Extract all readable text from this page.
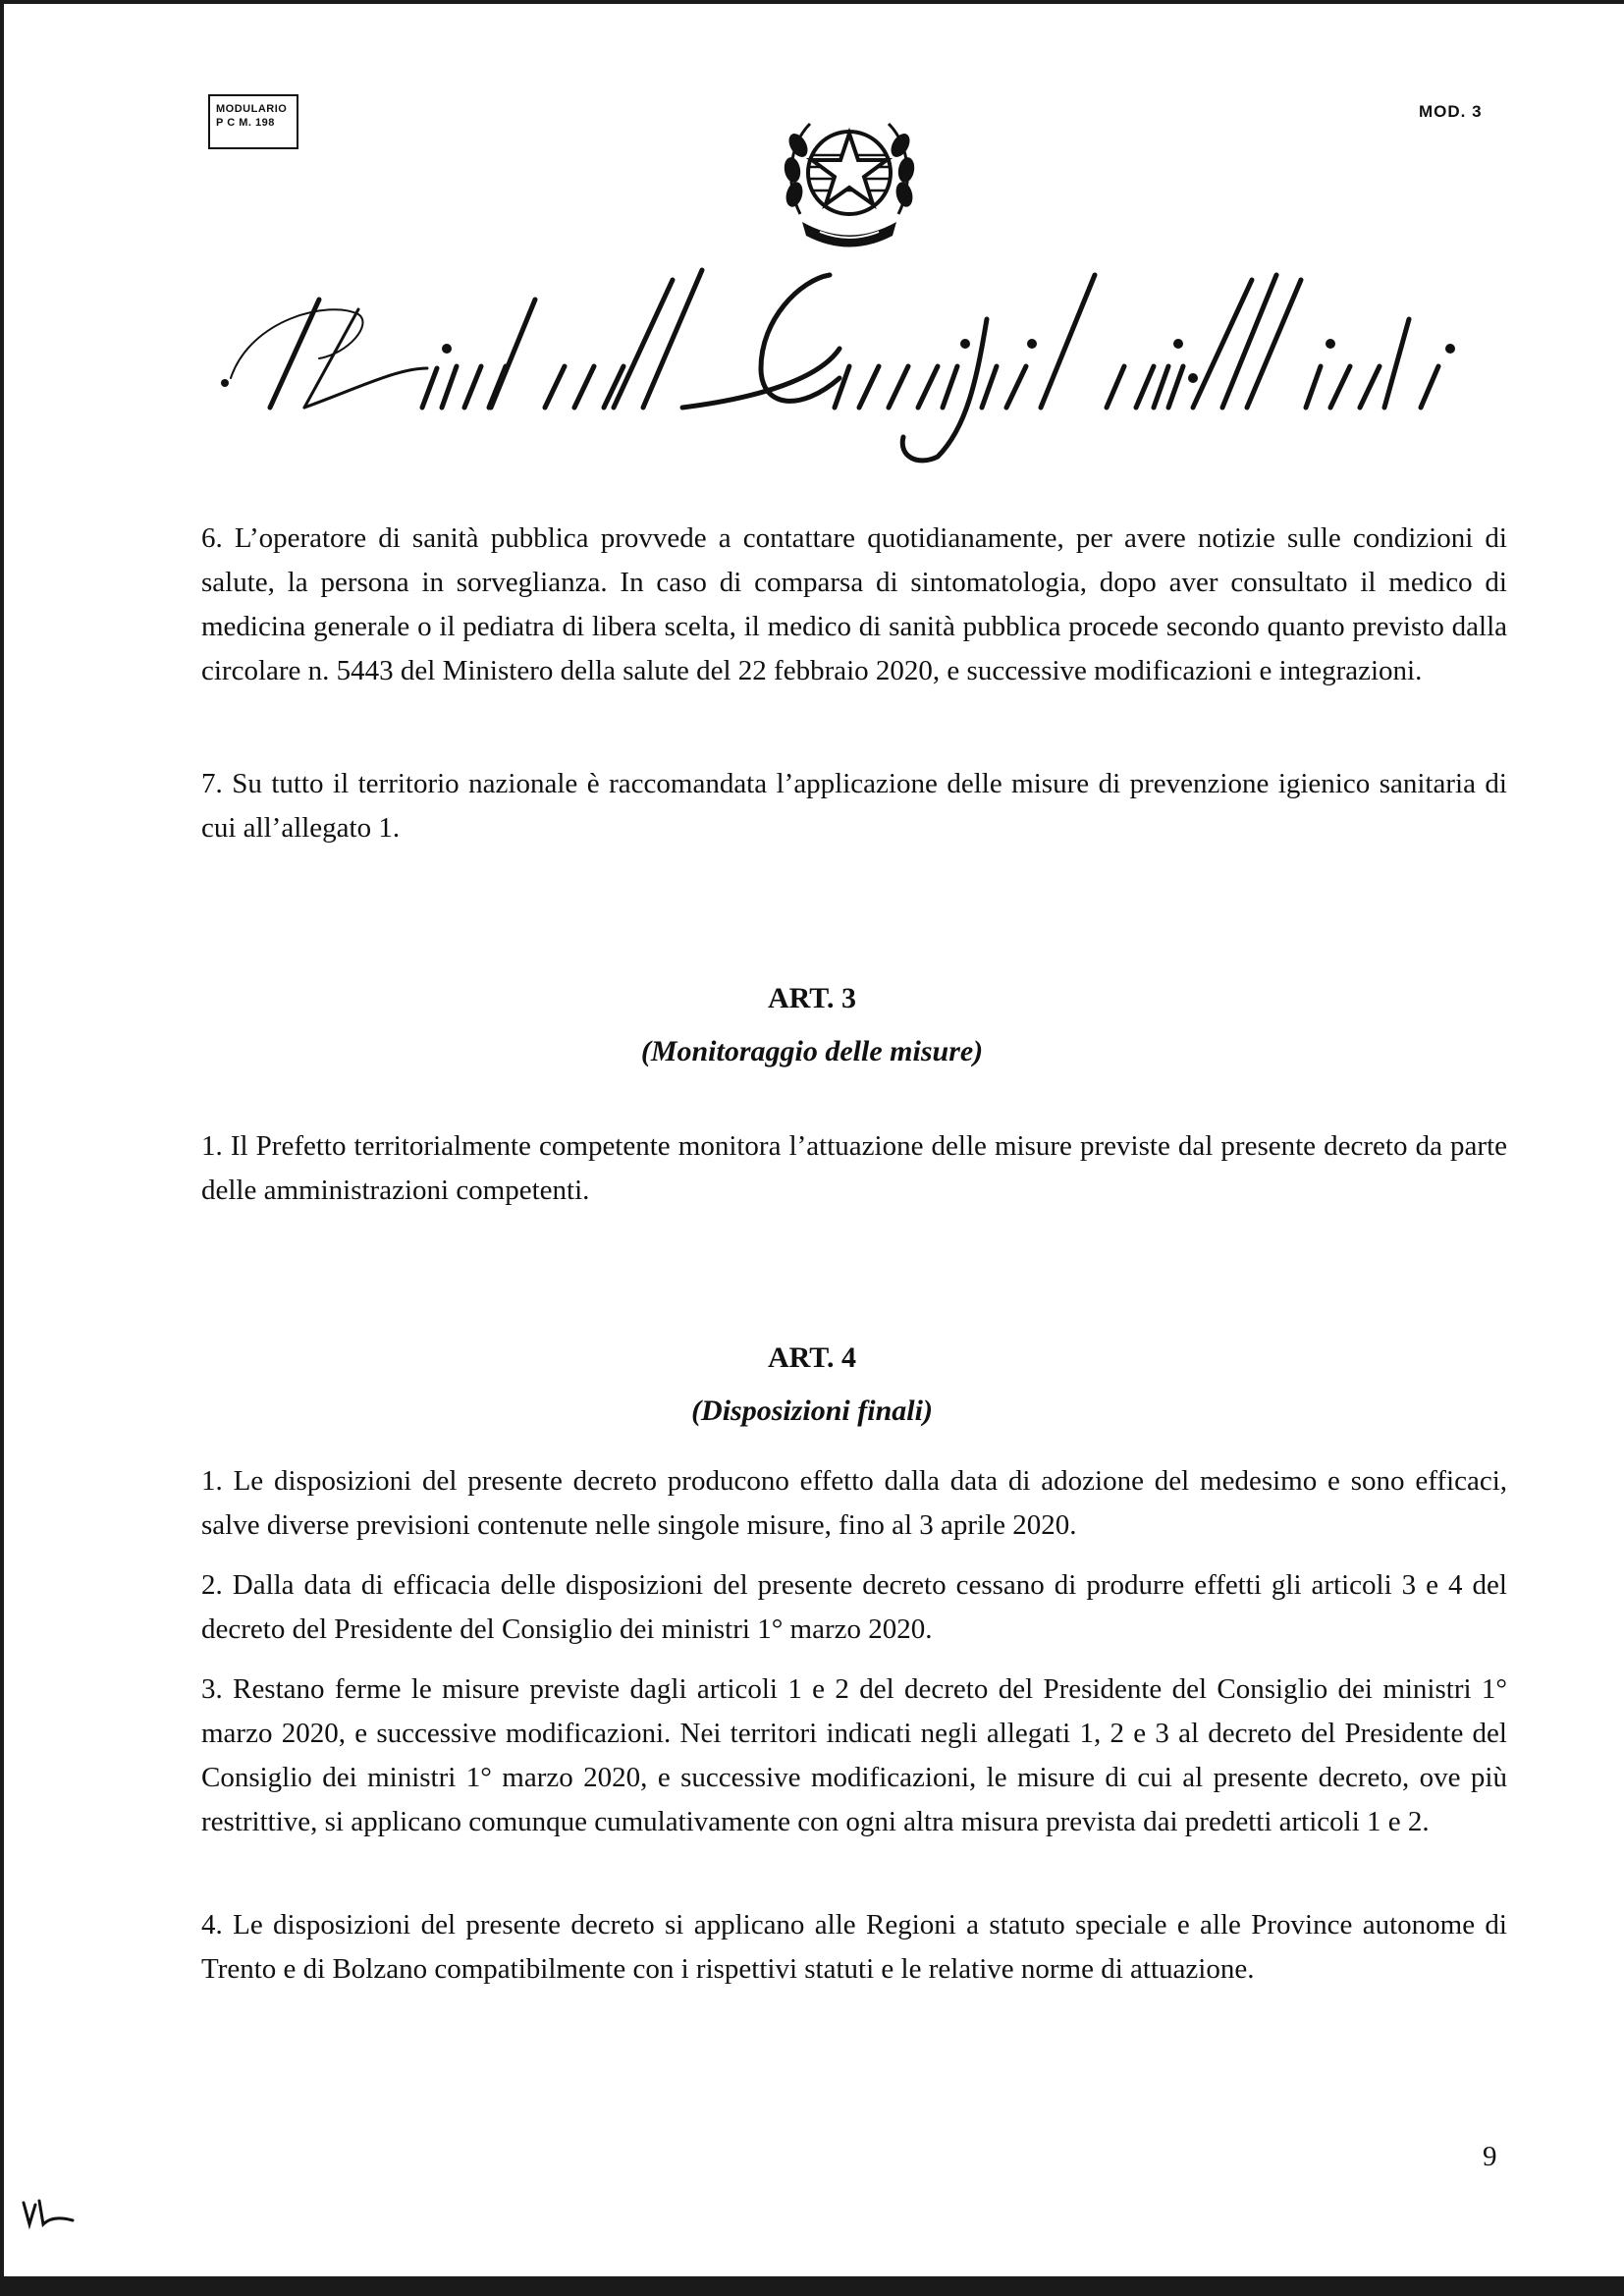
MODULARIO
P C M. 198
MOD. 3

6. L’operatore di sanità pubblica provvede a contattare quotidianamente, per avere notizie sulle condizioni di salute, la persona in sorveglianza. In caso di comparsa di sintomatologia, dopo aver consultato il medico di medicina generale o il pediatra di libera scelta, il medico di sanità pubblica procede secondo quanto previsto dalla circolare n. 5443 del Ministero della salute del 22 febbraio 2020, e successive modificazioni e integrazioni.

7. Su tutto il territorio nazionale è raccomandata l’applicazione delle misure di prevenzione igienico sanitaria di cui all’allegato 1.

ART. 3
(Monitoraggio delle misure)

1. Il Prefetto territorialmente competente monitora l’attuazione delle misure previste dal presente decreto da parte delle amministrazioni competenti.

ART. 4
(Disposizioni finali)

1. Le disposizioni del presente decreto producono effetto dalla data di adozione del medesimo e sono efficaci, salve diverse previsioni contenute nelle singole misure, fino al 3 aprile 2020.

2. Dalla data di efficacia delle disposizioni del presente decreto cessano di produrre effetti gli articoli 3 e 4 del decreto del Presidente del Consiglio dei ministri 1° marzo 2020.

3. Restano ferme le misure previste dagli articoli 1 e 2 del decreto del Presidente del Consiglio dei ministri 1° marzo 2020, e successive modificazioni. Nei territori indicati negli allegati 1, 2 e 3 al decreto del Presidente del Consiglio dei ministri 1° marzo 2020, e successive modificazioni, le misure di cui al presente decreto, ove più restrittive, si applicano comunque cumulativamente con ogni altra misura prevista dai predetti articoli 1 e 2.

4. Le disposizioni del presente decreto si applicano alle Regioni a statuto speciale e alle Province autonome di Trento e di Bolzano compatibilmente con i rispettivi statuti e le relative norme di attuazione.

9
